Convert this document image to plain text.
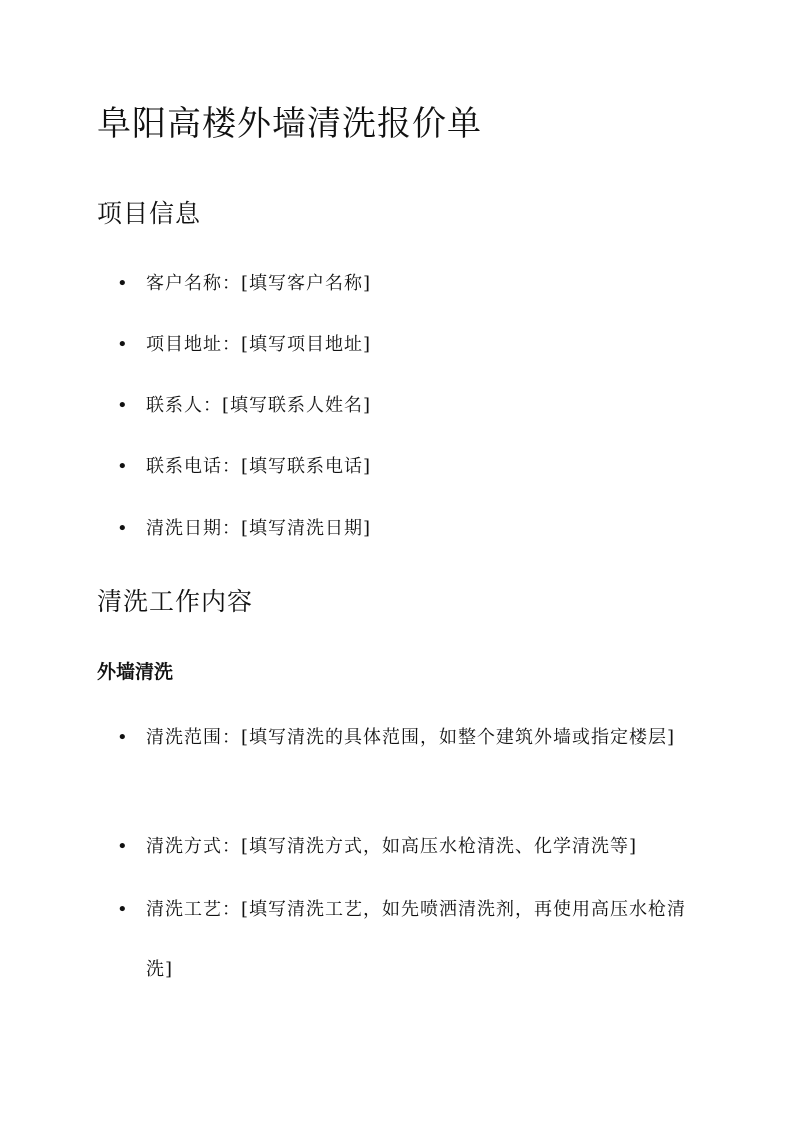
阜阳高楼外墙清洗报价单
项目信息
• 客户名称：[填写客户名称]
• 项目地址：[填写项目地址]
• 联系人：[填写联系人姓名]
• 联系电话：[填写联系电话]
• 清洗日期：[填写清洗日期]
清洗工作内容
外墙清洗
• 清洗范围：[填写清洗的具体范围，如整个建筑外墙或指定楼层]
• 清洗方式：[填写清洗方式，如高压水枪清洗、化学清洗等]
• 清洗工艺：[填写清洗工艺，如先喷洒清洗剂，再使用高压水枪清洗]
